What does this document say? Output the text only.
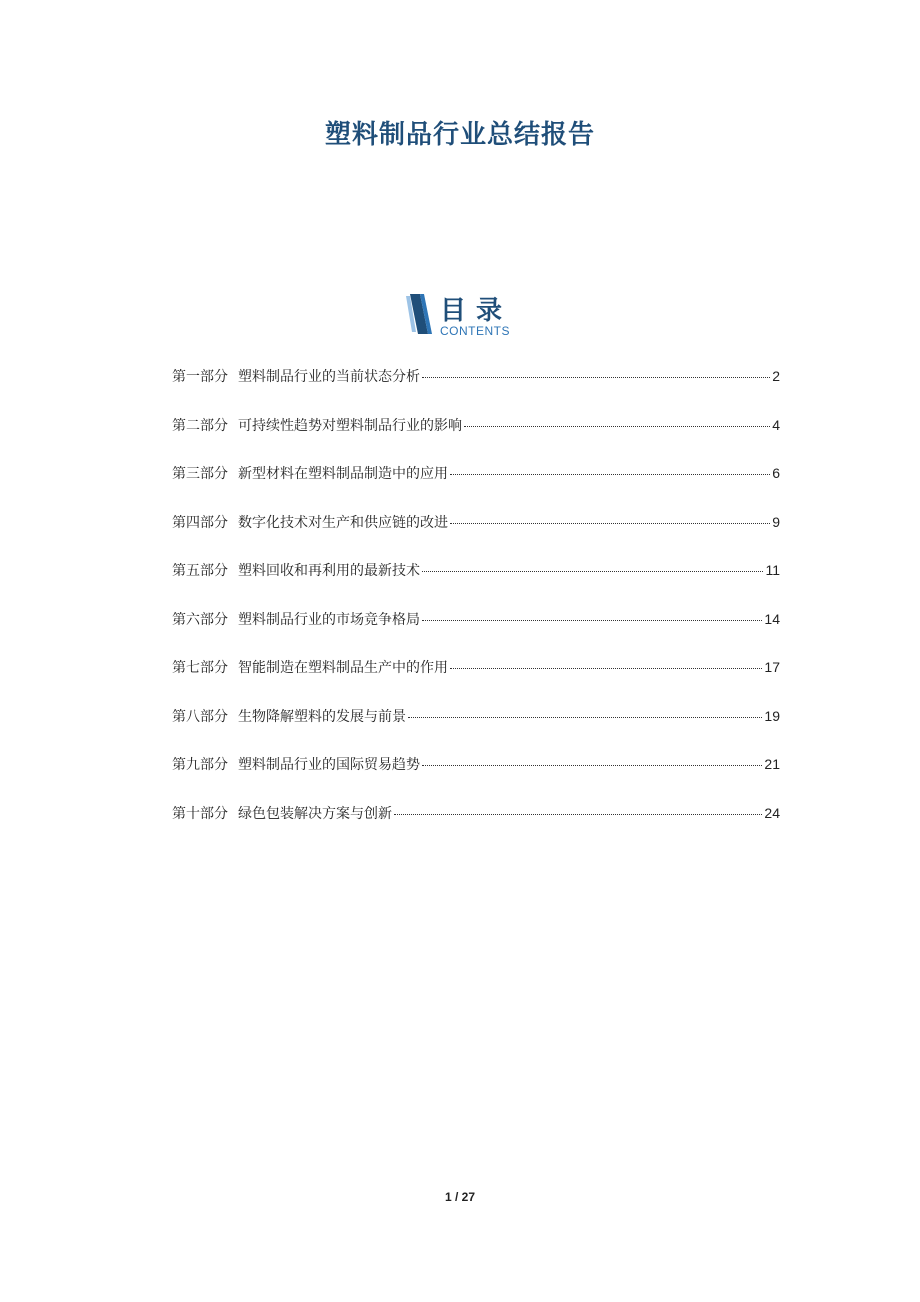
塑料制品行业总结报告
目录
CONTENTS
第一部分 塑料制品行业的当前状态分析	2
第二部分 可持续性趋势对塑料制品行业的影响	4
第三部分 新型材料在塑料制品制造中的应用	6
第四部分 数字化技术对生产和供应链的改进	9
第五部分 塑料回收和再利用的最新技术	11
第六部分 塑料制品行业的市场竞争格局	14
第七部分 智能制造在塑料制品生产中的作用	17
第八部分 生物降解塑料的发展与前景	19
第九部分 塑料制品行业的国际贸易趋势	21
第十部分 绿色包装解决方案与创新	24
1 / 27
